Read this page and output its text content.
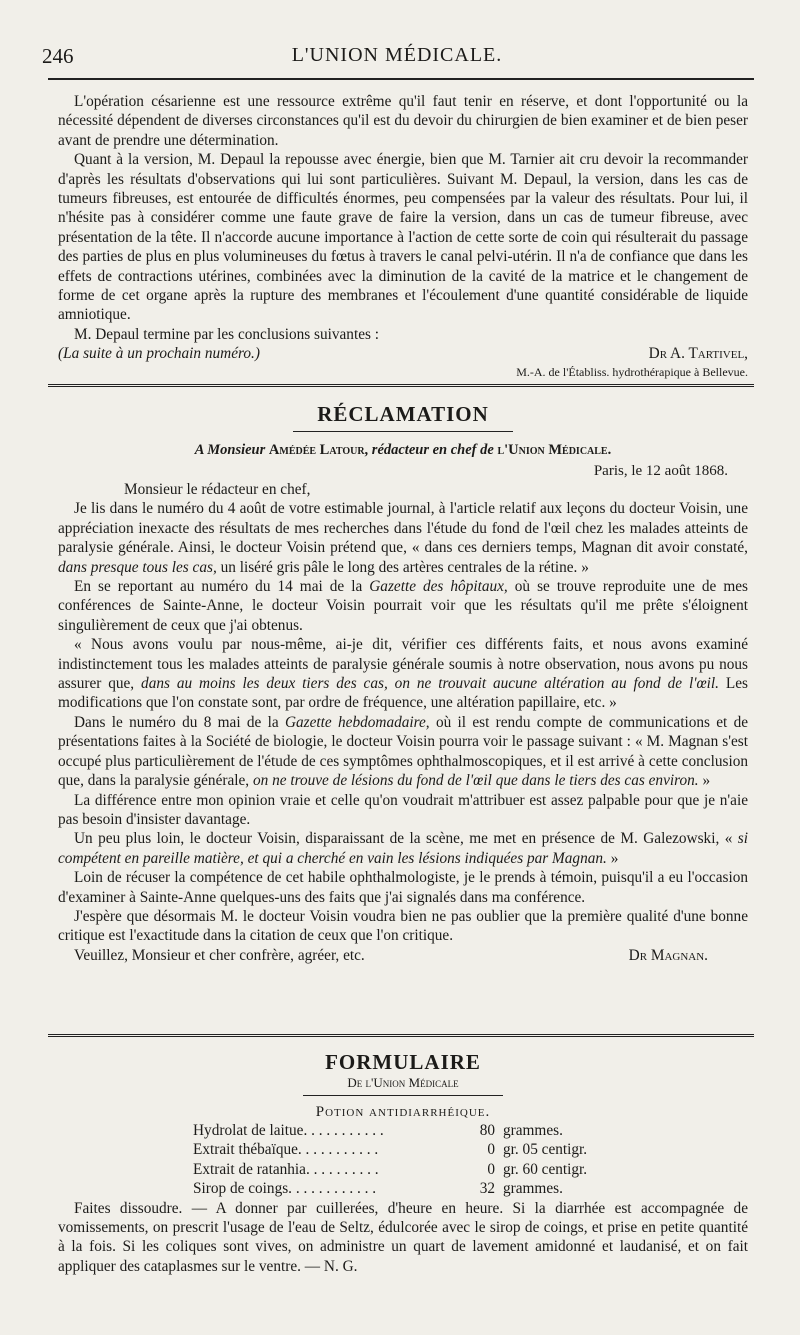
246	L'UNION MÉDICALE.

L'opération césarienne est une ressource extrême qu'il faut tenir en réserve, et dont l'opportunité ou la nécessité dépendent de diverses circonstances qu'il est du devoir du chirurgien de bien examiner et de bien peser avant de prendre une détermination.

Quant à la version, M. Depaul la repousse avec énergie, bien que M. Tarnier ait cru devoir la recommander d'après les résultats d'observations qui lui sont particulières. Suivant M. Depaul, la version, dans les cas de tumeurs fibreuses, est entourée de difficultés énormes, peu compensées par la valeur des résultats. Pour lui, il n'hésite pas à considérer comme une faute grave de faire la version, dans un cas de tumeur fibreuse, avec présentation de la tête. Il n'accorde aucune importance à l'action de cette sorte de coin qui résulterait du passage des parties de plus en plus volumineuses du fœtus à travers le canal pelvi-utérin. Il n'a de confiance que dans les effets de contractions utérines, combinées avec la diminution de la cavité de la matrice et le changement de forme de cet organe après la rupture des membranes et l'écoulement d'une quantité considérable de liquide amniotique.

M. Depaul termine par les conclusions suivantes :

(La suite à un prochain numéro.)	Dr A. Tartivel,
M.-A. de l'Établiss. hydrothérapique à Bellevue.
RÉCLAMATION
A Monsieur Amédée Latour, rédacteur en chef de l'Union Médicale.
Paris, le 12 août 1868.

Monsieur le rédacteur en chef,

Je lis dans le numéro du 4 août de votre estimable journal, à l'article relatif aux leçons du docteur Voisin, une appréciation inexacte des résultats de mes recherches dans l'étude du fond de l'œil chez les malades atteints de paralysie générale. Ainsi, le docteur Voisin prétend que, « dans ces derniers temps, Magnan dit avoir constaté, dans presque tous les cas, un liséré gris pâle le long des artères centrales de la rétine. »

En se reportant au numéro du 14 mai de la Gazette des hôpitaux, où se trouve reproduite une de mes conférences de Sainte-Anne, le docteur Voisin pourrait voir que les résultats qu'il me prête s'éloignent singulièrement de ceux que j'ai obtenus.

« Nous avons voulu par nous-même, ai-je dit, vérifier ces différents faits, et nous avons examiné indistinctement tous les malades atteints de paralysie générale soumis à notre observation, nous avons pu nous assurer que, dans au moins les deux tiers des cas, on ne trouvait aucune altération au fond de l'œil. Les modifications que l'on constate sont, par ordre de fréquence, une altération papillaire, etc. »

Dans le numéro du 8 mai de la Gazette hebdomadaire, où il est rendu compte de communications et de présentations faites à la Société de biologie, le docteur Voisin pourra voir le passage suivant : « M. Magnan s'est occupé plus particulièrement de l'étude de ces symptômes ophthalmoscopiques, et il est arrivé à cette conclusion que, dans la paralysie générale, on ne trouve de lésions du fond de l'œil que dans le tiers des cas environ. »

La différence entre mon opinion vraie et celle qu'on voudrait m'attribuer est assez palpable pour que je n'aie pas besoin d'insister davantage.

Un peu plus loin, le docteur Voisin, disparaissant de la scène, me met en présence de M. Galezowski, « si compétent en pareille matière, et qui a cherché en vain les lésions indiquées par Magnan. »

Loin de récuser la compétence de cet habile ophthalmologiste, je le prends à témoin, puisqu'il a eu l'occasion d'examiner à Sainte-Anne quelques-uns des faits que j'ai signalés dans ma conférence.

J'espère que désormais M. le docteur Voisin voudra bien ne pas oublier que la première qualité d'une bonne critique est l'exactitude dans la citation de ceux que l'on critique.

Veuillez, Monsieur et cher confrère, agréer, etc.	Dr Magnan.
FORMULAIRE
De l'Union Médicale
Potion antidiarrhéique.
Hydrolat de laitue. . . . . . . . . . .	80 grammes.
Extrait thébaïque. . . . . . . . . . .	0 gr. 05 centigr.
Extrait de ratanhia. . . . . . . . . .	0 gr. 60 centigr.
Sirop de coings. . . . . . . . . . . .	32 grammes.

Faites dissoudre. — A donner par cuillerées, d'heure en heure. Si la diarrhée est accompagnée de vomissements, on prescrit l'usage de l'eau de Seltz, édulcorée avec le sirop de coings, et prise en petite quantité à la fois. Si les coliques sont vives, on administre un quart de lavement amidonné et laudanisé, et on fait appliquer des cataplasmes sur le ventre. — N. G.
